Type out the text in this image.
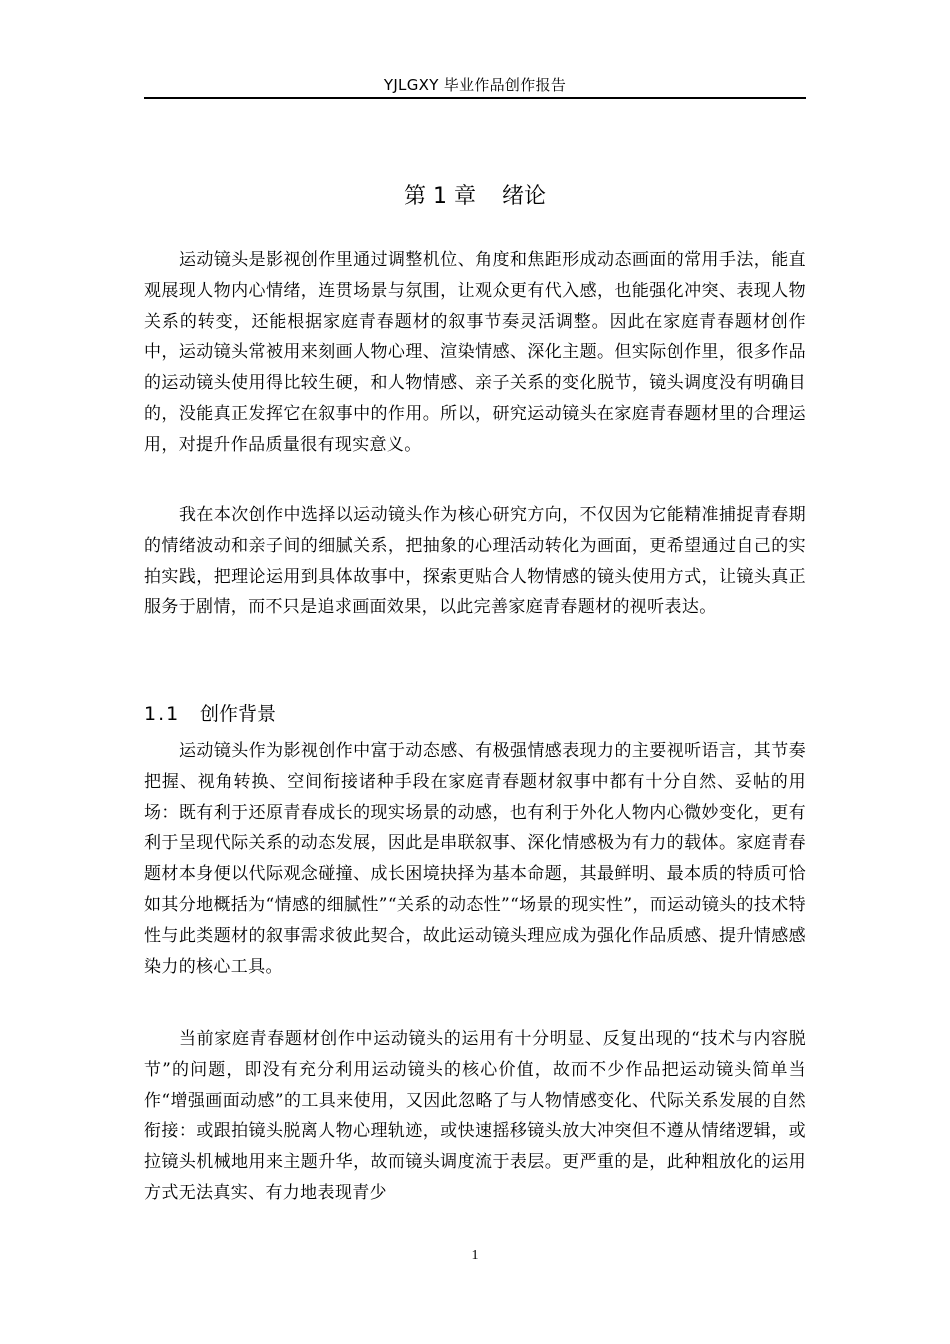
YJLGXY 毕业作品创作报告
第 1 章 绪论

运动镜头是影视创作里通过调整机位、角度和焦距形成动态画面的常用手法，能直观展现人物内心情绪，连贯场景与氛围，让观众更有代入感，也能强化冲突、表现人物关系的转变，还能根据家庭青春题材的叙事节奏灵活调整。因此在家庭青春题材创作中，运动镜头常被用来刻画人物心理、渲染情感、深化主题。但实际创作里，很多作品的运动镜头使用得比较生硬，和人物情感、亲子关系的变化脱节，镜头调度没有明确目的，没能真正发挥它在叙事中的作用。所以，研究运动镜头在家庭青春题材里的合理运用，对提升作品质量很有现实意义。

我在本次创作中选择以运动镜头作为核心研究方向，不仅因为它能精准捕捉青春期的情绪波动和亲子间的细腻关系，把抽象的心理活动转化为画面，更希望通过自己的实拍实践，把理论运用到具体故事中，探索更贴合人物情感的镜头使用方式，让镜头真正服务于剧情，而不只是追求画面效果，以此完善家庭青春题材的视听表达。

1.1 创作背景

运动镜头作为影视创作中富于动态感、有极强情感表现力的主要视听语言，其节奏把握、视角转换、空间衔接诸种手段在家庭青春题材叙事中都有十分自然、妥帖的用场：既有利于还原青春成长的现实场景的动感，也有利于外化人物内心微妙变化，更有利于呈现代际关系的动态发展，因此是串联叙事、深化情感极为有力的载体。家庭青春题材本身便以代际观念碰撞、成长困境抉择为基本命题，其最鲜明、最本质的特质可恰如其分地概括为“情感的细腻性”“关系的动态性”“场景的现实性”，而运动镜头的技术特性与此类题材的叙事需求彼此契合，故此运动镜头理应成为强化作品质感、提升情感感染力的核心工具。

当前家庭青春题材创作中运动镜头的运用有十分明显、反复出现的“技术与内容脱节”的问题，即没有充分利用运动镜头的核心价值，故而不少作品把运动镜头简单当作“增强画面动感”的工具来使用，又因此忽略了与人物情感变化、代际关系发展的自然衔接：或跟拍镜头脱离人物心理轨迹，或快速摇移镜头放大冲突但不遵从情绪逻辑，或拉镜头机械地用来主题升华，故而镜头调度流于表层。更严重的是，此种粗放化的运用方式无法真实、有力地表现青少

1
